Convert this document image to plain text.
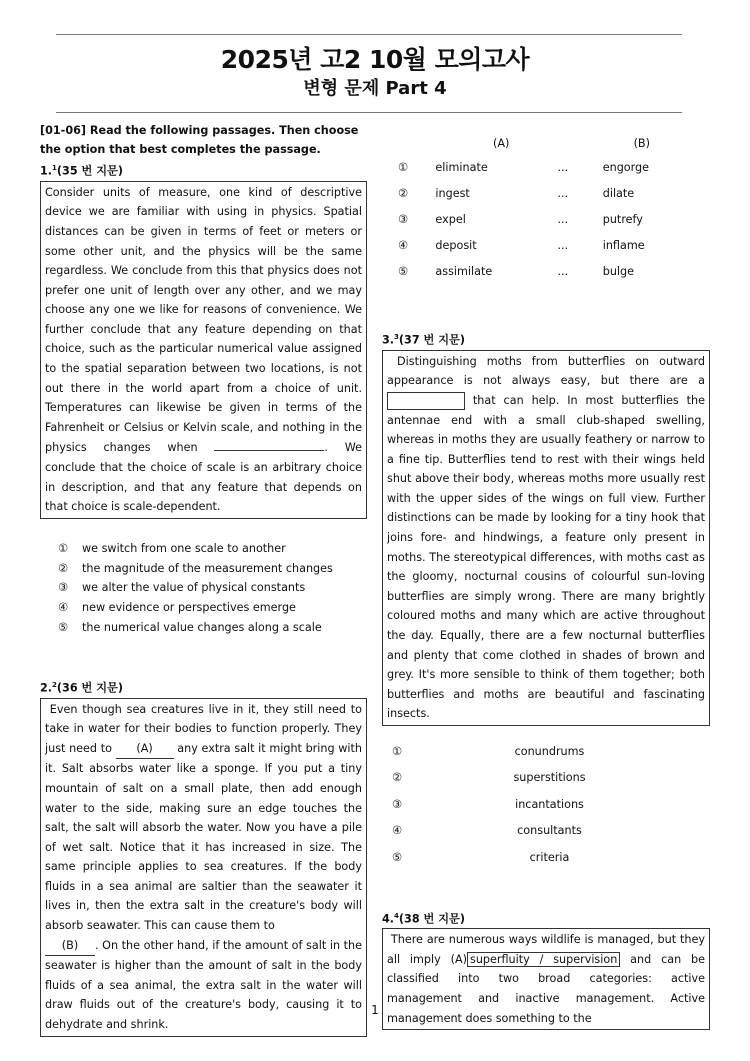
2025년 고2 10월 모의고사
변형 문제 Part 4
[01-06] Read the following passages. Then choose the option that best completes the passage.
1.$^1$(35 번 지문)
Consider units of measure, one kind of descriptive device we are familiar with using in physics. Spatial distances can be given in terms of feet or meters or some other unit, and the physics will be the same regardless. We conclude from this that physics does not prefer one unit of length over any other, and we may choose any one we like for reasons of convenience. We further conclude that any feature depending on that choice, such as the particular numerical value assigned to the spatial separation between two locations, is not out there in the world apart from a choice of unit. Temperatures can likewise be given in terms of the Fahrenheit or Celsius or Kelvin scale, and nothing in the physics changes when	. We conclude that the choice of scale is an arbitrary choice in description, and that any feature that depends on that choice is scale-dependent.
①	we switch from one scale to another
②	the magnitude of the measurement changes
③	we alter the value of physical constants
④	new evidence or perspectives emerge
⑤	the numerical value changes along a scale
2.$^2$(36 번 지문)
Even though sea creatures live in it, they still need to take in water for their bodies to function properly. They just need to (A) any extra salt it might bring with it. Salt absorbs water like a sponge. If you put a tiny mountain of salt on a small plate, then add enough water to the side, making sure an edge touches the salt, the salt will absorb the water. Now you have a pile of wet salt. Notice that it has increased in size. The same principle applies to sea creatures. If the body fluids in a sea animal are saltier than the seawater it lives in, then the extra salt in the creature's body will absorb seawater. This can cause them to
(B) . On the other hand, if the amount of salt in the seawater is higher than the amount of salt in the body fluids of a sea animal, the extra salt in the water will draw fluids out of the creature's body, causing it to dehydrate and shrink.
(A)	(B)
①	eliminate	...	engorge
②	ingest	...	dilate
③	expel	...	putrefy
④	deposit	...	inflame
⑤	assimilate	...	bulge
3.$^3$(37 번 지문)
Distinguishing moths from butterflies on outward appearance is not always easy, but there are a  that can help. In most butterflies the antennae end with a small club-shaped swelling, whereas in moths they are usually feathery or narrow to a fine tip. Butterflies tend to rest with their wings held shut above their body, whereas moths more usually rest with the upper sides of the wings on full view. Further distinctions can be made by looking for a tiny hook that joins fore- and hindwings, a feature only present in moths. The stereotypical differences, with moths cast as the gloomy, nocturnal cousins of colourful sun-loving butterflies are simply wrong. There are many brightly coloured moths and many which are active throughout the day. Equally, there are a few nocturnal butterflies and plenty that come clothed in shades of brown and grey. It's more sensible to think of them together; both butterflies and moths are beautiful and fascinating insects.
①	conundrums
②	superstitions
③	incantations
④	consultants
⑤	criteria
4.$^4$(38 번 지문)
There are numerous ways wildlife is managed, but they all imply (A) superfluity / supervision and can be classified into two broad categories: active management and inactive management. Active management does something to the
1
